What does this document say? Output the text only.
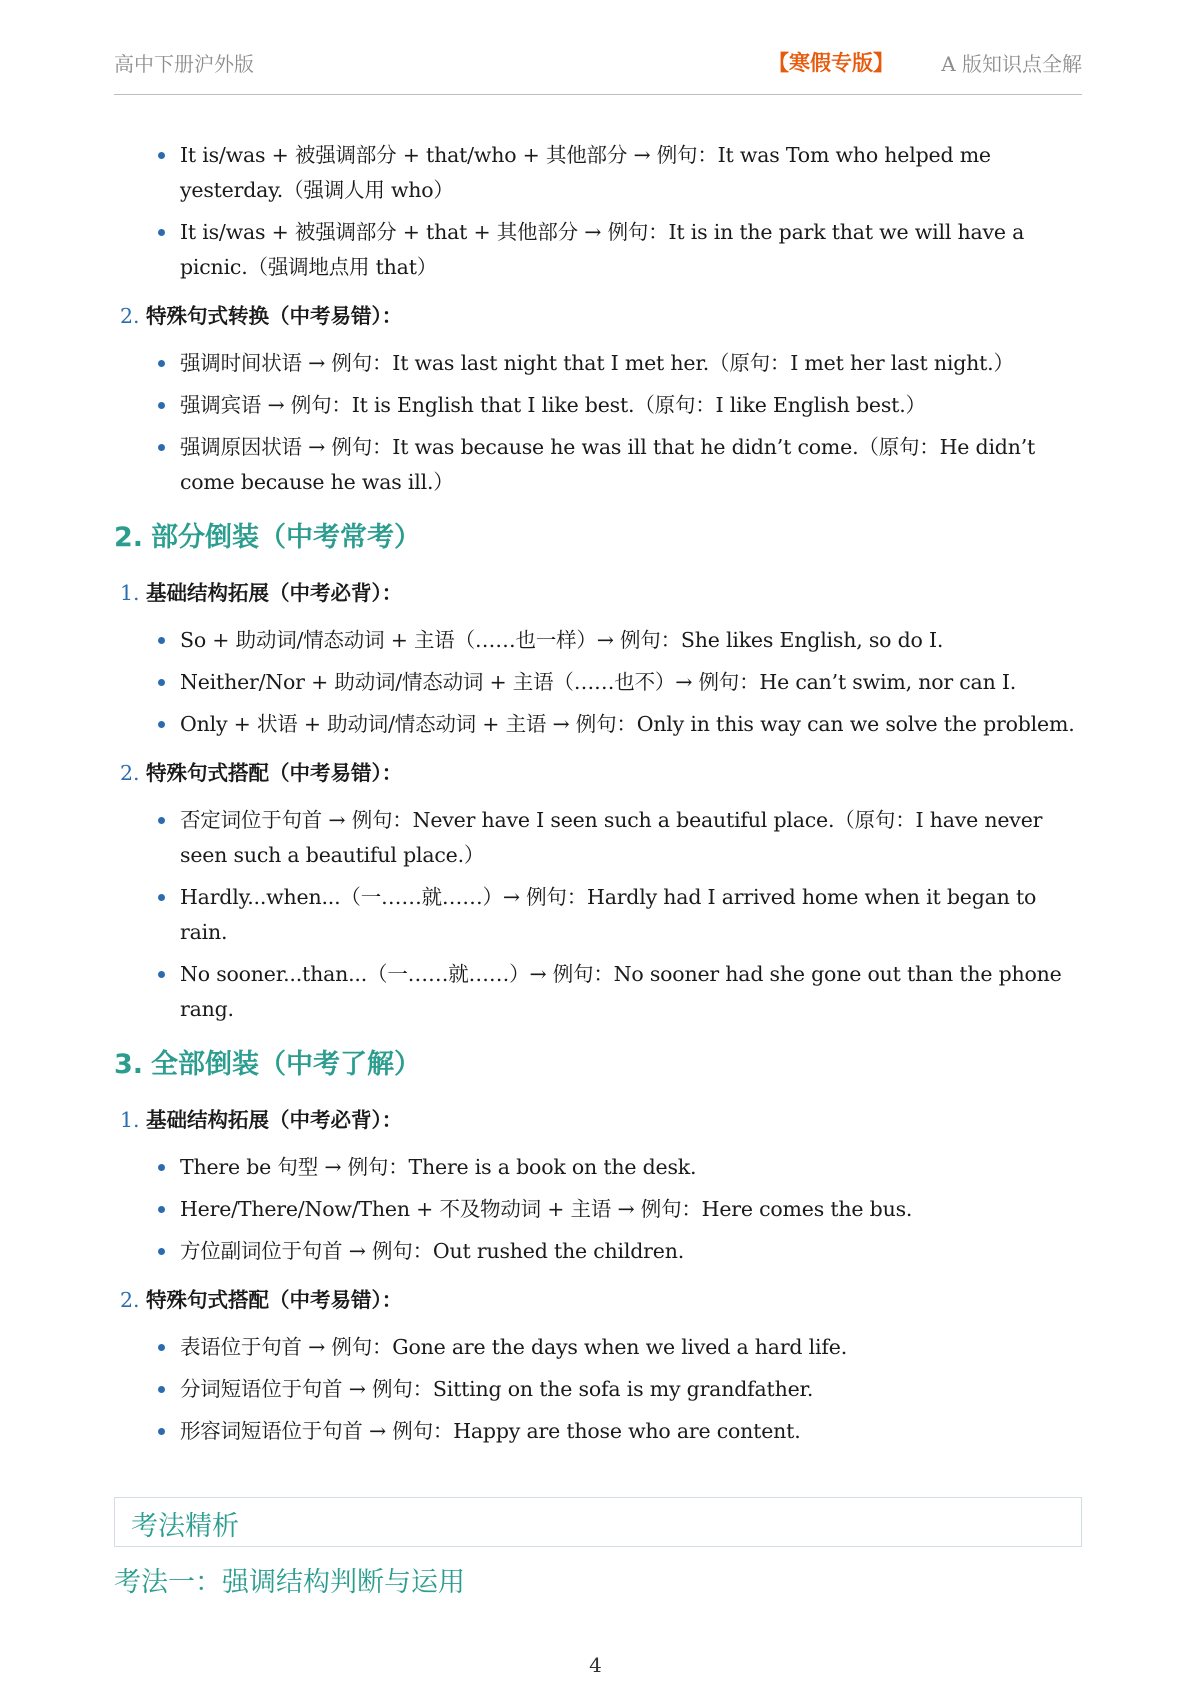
高中下册沪外版	【寒假专版】 A 版知识点全解
It is/was + 被强调部分 + that/who + 其他部分 → 例句：It was Tom who helped me yesterday.（强调人用 who）
It is/was + 被强调部分 + that + 其他部分 → 例句：It is in the park that we will have a picnic.（强调地点用 that）
2. 特殊句式转换（中考易错）：
强调时间状语 → 例句：It was last night that I met her.（原句：I met her last night.）
强调宾语 → 例句：It is English that I like best.（原句：I like English best.）
强调原因状语 → 例句：It was because he was ill that he didn’t come.（原句：He didn’t come because he was ill.）
2. 部分倒装（中考常考）
1. 基础结构拓展（中考必背）：
So + 助动词/情态动词 + 主语（……也一样）→ 例句：She likes English, so do I.
Neither/Nor + 助动词/情态动词 + 主语（……也不）→ 例句：He can’t swim, nor can I.
Only + 状语 + 助动词/情态动词 + 主语 → 例句：Only in this way can we solve the problem.
2. 特殊句式搭配（中考易错）：
否定词位于句首 → 例句：Never have I seen such a beautiful place.（原句：I have never seen such a beautiful place.）
Hardly...when...（一……就……）→ 例句：Hardly had I arrived home when it began to rain.
No sooner...than...（一……就……）→ 例句：No sooner had she gone out than the phone rang.
3. 全部倒装（中考了解）
1. 基础结构拓展（中考必背）：
There be 句型 → 例句：There is a book on the desk.
Here/There/Now/Then + 不及物动词 + 主语 → 例句：Here comes the bus.
方位副词位于句首 → 例句：Out rushed the children.
2. 特殊句式搭配（中考易错）：
表语位于句首 → 例句：Gone are the days when we lived a hard life.
分词短语位于句首 → 例句：Sitting on the sofa is my grandfather.
形容词短语位于句首 → 例句：Happy are those who are content.
考法精析
考法一：强调结构判断与运用
4
